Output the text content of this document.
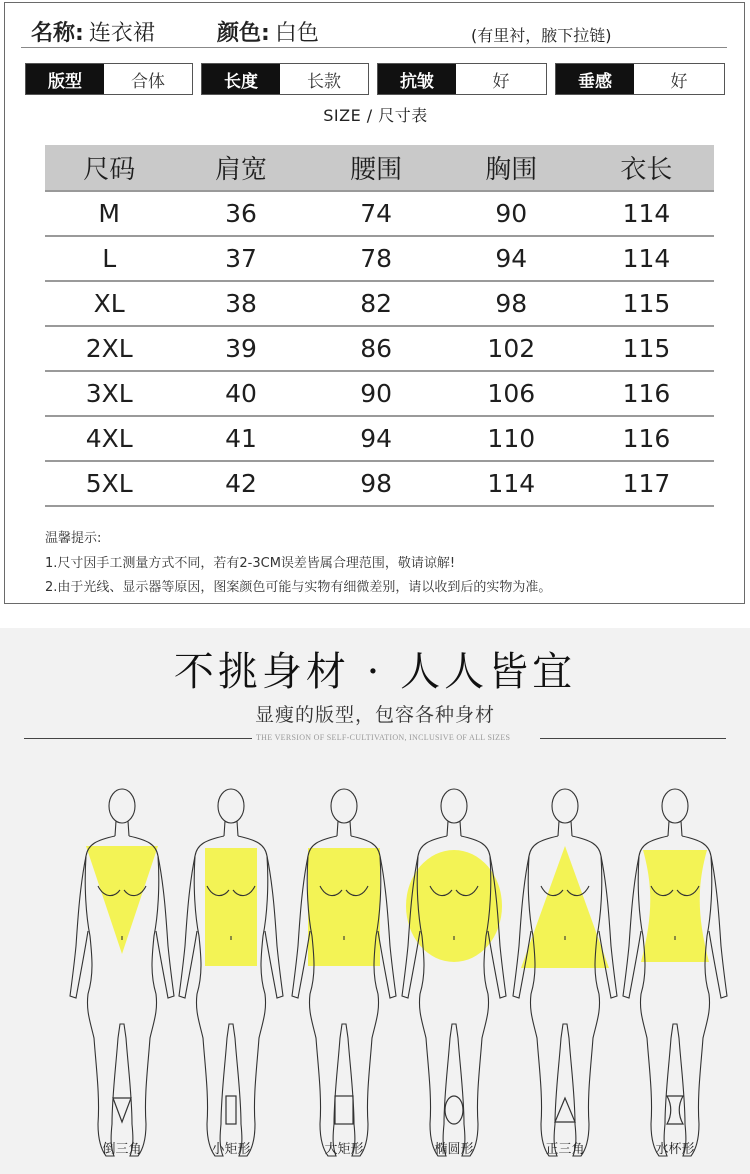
名称: 连衣裙	颜色: 白色	(有里衬，腋下拉链)
版型	合体	长度	长款	抗皱	好	垂感	好
SIZE / 尺寸表
尺码	肩宽	腰围	胸围	衣长
M	36	74	90	114
L	37	78	94	114
XL	38	82	98	115
2XL	39	86	102	115
3XL	40	90	106	116
4XL	41	94	110	116
5XL	42	98	114	117
温馨提示:
1.尺寸因手工测量方式不同，若有2-3CM误差皆属合理范围，敬请谅解!
2.由于光线、显示器等原因，图案颜色可能与实物有细微差别，请以收到后的实物为准。
不挑身材 · 人人皆宜
显瘦的版型，包容各种身材
THE VERSION OF SELF-CULTIVATION, INCLUSIVE OF ALL SIZES
倒三角	小矩形	大矩形	椭圆形	正三角	水杯形
